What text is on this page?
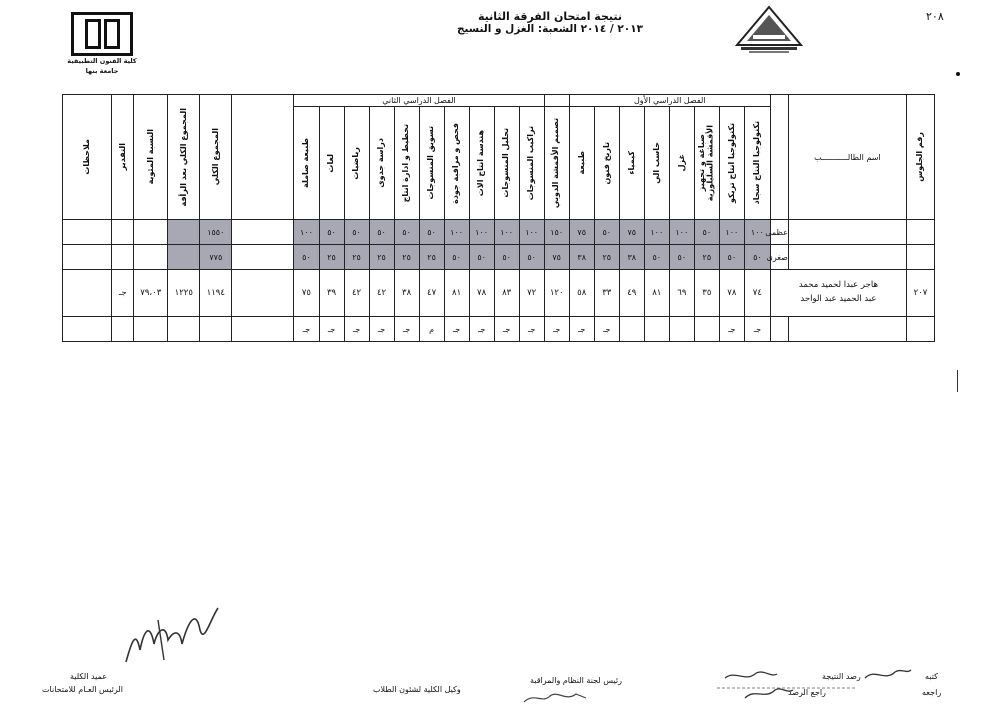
٢٠٨
نتيجة امتحان الفرقة الثانية
٢٠١٣ / ٢٠١٤ الشعبة: الغزل و النسيج
كلية الفنون التطبيقية
جامعة بنها
رقم الجلوس	اسم الطالـــــــــــب		الفصل الدراسي الأول									الفصل الدراسي الثاني											المجموع الكلي	المجموع الكلي بعد الرأفة	النسبة المئوية	التقدير	ملاحظات

			تكنولوجيا النتاج سجاد	تكنولوجيا انتاج تريكو	صباغة و تجهيز
الأقمشة السليلوزية	غزل	حاسب الي	كيمياء	تاريخ فنون	طبيعة	تصميم الأقمشة الدوبي	تراكيب المنسوجات	تحليل المنسوجات	هندسة انتاج الات	فحص و مراقبة جودة	تسويق المنسوجات	تخطيط و ادارة انتاج	دراسة جدوى	رياضيات	لغات	طبيعة صاملة						

		عظمى	١٠٠	١٠٠	٥٠	١٠٠	١٠٠	٧٥	٥٠	٧٥	١٥٠	١٠٠	١٠٠	١٠٠	١٠٠	٥٠	٥٠	٥٠	٥٠	٥٠	١٠٠		١٥٥٠				
		صغرى	٥٠	٥٠	٢٥	٥٠	٥٠	٣٨	٢٥	٣٨	٧٥	٥٠	٥٠	٥٠	٥٠	٢٥	٢٥	٢٥	٢٥	٢٥	٥٠		٧٧٥				
٢٠٧	هاجر عبدا لحميد محمد
عبد الحميد عبد الواحد		٧٤	٧٨	٣٥	٦٩	٨١	٤٩	٣٣	٥٨	١٢٠	٧٢	٨٣	٧٨	٨١	٤٧	٣٨	٤٢	٤٢	٣٩	٧٥		١١٩٤	١٢٢٥	٧٩،٠٣	جـ	
			جـ	جـ					جـ	جـ	جـ	جـ	جـ	جـ	جـ	م	جـ	جـ	جـ	جـ	جـ						
كتبه
رصد النتيجة
راجعه
راجع الرصد
رئيس لجنة النظام والمراقبة
وكيل الكلية لشئون الطلاب
عميد الكلية
الرئيس العـام للامتحانات
